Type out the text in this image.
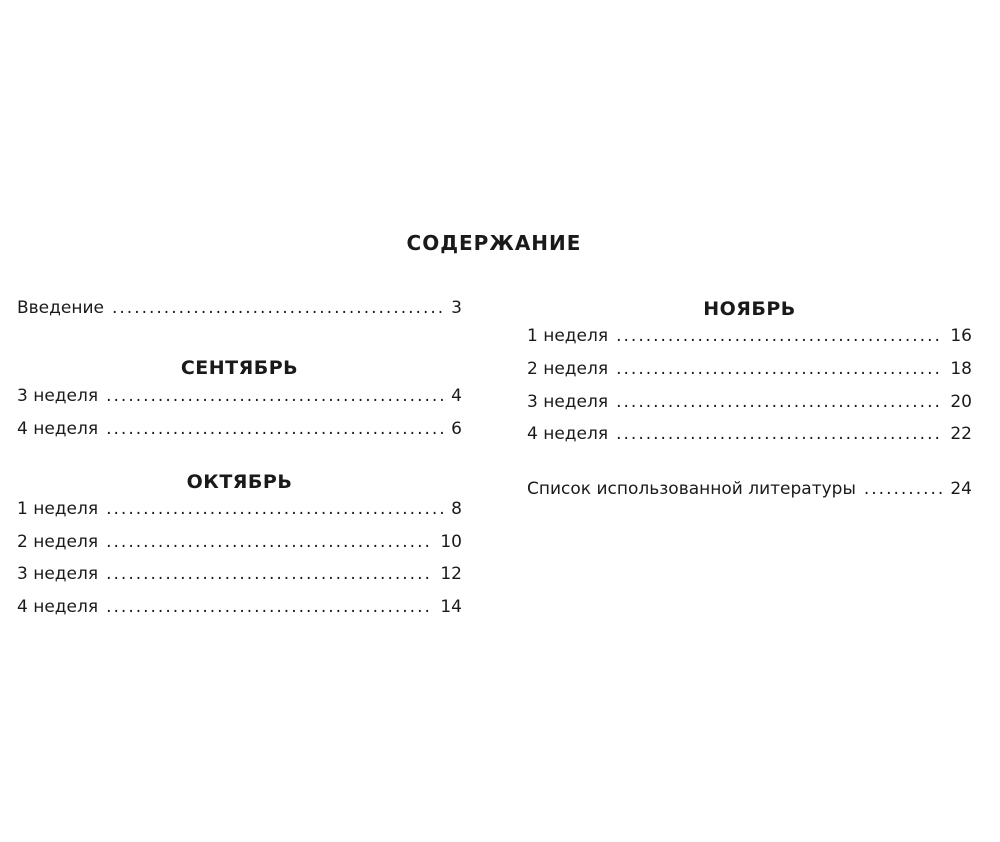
СОДЕРЖАНИЕ
Введение .....	3
СЕНТЯБРЬ
3 неделя .....	4
4 неделя .....	6
ОКТЯБРЬ
1 неделя .....	8
2 неделя .....	10
3 неделя .....	12
4 неделя .....	14
НОЯБРЬ
1 неделя .....	16
2 неделя .....	18
3 неделя .....	20
4 неделя .....	22
Список использованной литературы .....	24
